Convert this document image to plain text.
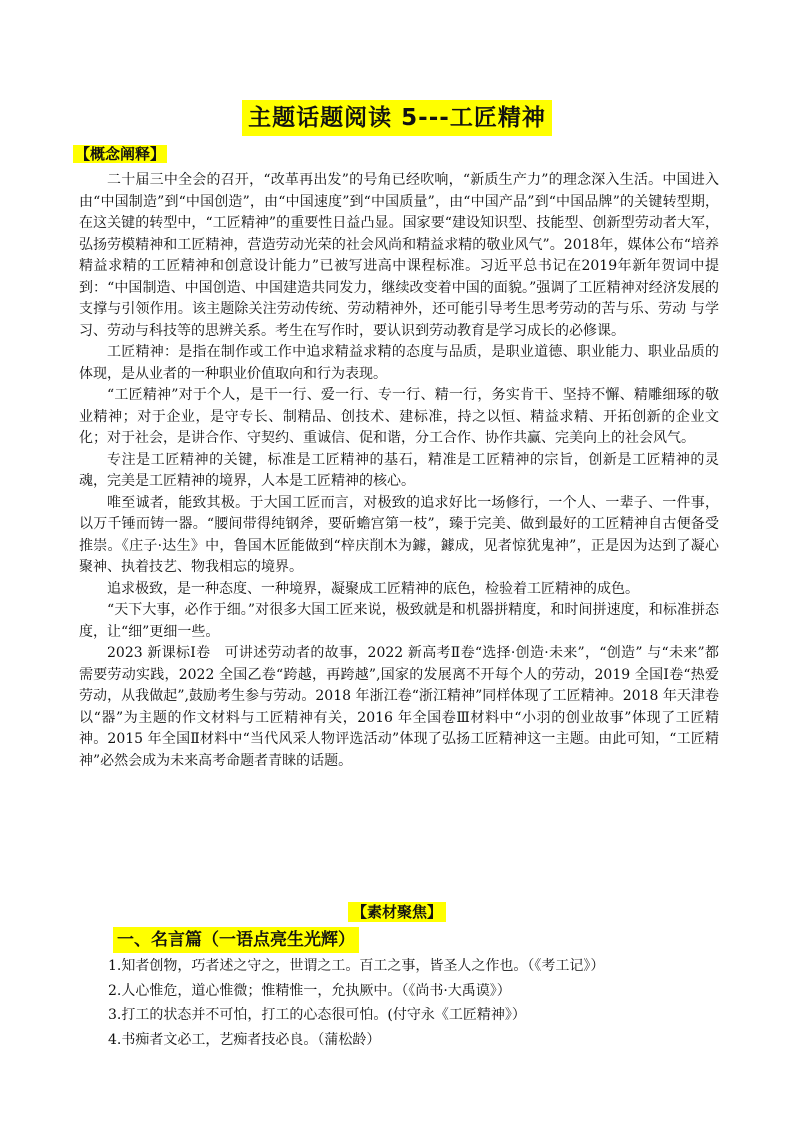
主题话题阅读 5---工匠精神
【概念阐释】

二十届三中全会的召开，“改革再出发”的号角已经吹响，“新质生产力”的理念深入生活。中国进入由“中国制造”到“中国创造”，由“中国速度”到“中国质量”，由“中国产品”到“中国品牌”的关键转型期，在这关键的转型中，“工匠精神”的重要性日益凸显。国家要“建设知识型、技能型、创新型劳动者大军，弘扬劳模精神和工匠精神，营造劳动光荣的社会风尚和精益求精的敬业风气”。2018年，媒体公布“培养精益求精的工匠精神和创意设计能力”已被写进高中课程标准。习近平总书记在2019年新年贺词中提到：“中国制造、中国创造、中国建造共同发力，继续改变着中国的面貌。”强调了工匠精神对经济发展的支撑与引领作用。该主题除关注劳动传统、劳动精神外，还可能引导考生思考劳动的苦与乐、劳动 与学习、劳动与科技等的思辨关系。考生在写作时，要认识到劳动教育是学习成长的必修课。

工匠精神：是指在制作或工作中追求精益求精的态度与品质，是职业道德、职业能力、职业品质的体现，是从业者的一种职业价值取向和行为表现。

“工匠精神”对于个人，是干一行、爱一行、专一行、精一行，务实肯干、坚持不懈、精雕细琢的敬业精神；对于企业，是守专长、制精品、创技术、建标准，持之以恒、精益求精、开拓创新的企业文化；对于社会，是讲合作、守契约、重诚信、促和谐，分工合作、协作共赢、完美向上的社会风气。

专注是工匠精神的关键，标准是工匠精神的基石，精准是工匠精神的宗旨，创新是工匠精神的灵魂，完美是工匠精神的境界，人本是工匠精神的核心。

唯至诚者，能致其极。于大国工匠而言，对极致的追求好比一场修行，一个人、一辈子、一件事，以万千锤而铸一器。“腰间带得纯钢斧，要斫蟾宫第一枝”，臻于完美、做到最好的工匠精神自古便备受推崇。《庄子·达生》中，鲁国木匠能做到“梓庆削木为鐻，鐻成，见者惊犹鬼神”，正是因为达到了凝心聚神、执着技艺、物我相忘的境界。

追求极致，是一种态度、一种境界，凝聚成工匠精神的底色，检验着工匠精神的成色。

“天下大事，必作于细。”对很多大国工匠来说，极致就是和机器拼精度，和时间拼速度，和标准拼态度，让“细”更细一些。

2023 新课标Ⅰ卷　可讲述劳动者的故事，2022 新高考Ⅱ卷“选择·创造·未来”，“创造” 与“未来”都需要劳动实践，2022 全国乙卷“跨越，再跨越”,国家的发展离不开每个人的劳动，2019 全国Ⅰ卷“热爱劳动，从我做起”,鼓励考生参与劳动。2018 年浙江卷“浙江精神”同样体现了工匠精神。2018 年天津卷以“器”为主题的作文材料与工匠精神有关，2016 年全国卷Ⅲ材料中“小羽的创业故事”体现了工匠精神。2015 年全国Ⅱ材料中“当代风采人物评选活动”体现了弘扬工匠精神这一主题。由此可知，“工匠精神”必然会成为未来高考命题者青睐的话题。

【素材聚焦】
一、名言篇（一语点亮生光辉）
1.知者创物，巧者述之守之，世谓之工。百工之事，皆圣人之作也。（《考工记》）
2.人心惟危，道心惟微；惟精惟一，允执厥中。（《尚书·大禹谟》）
3.打工的状态并不可怕，打工的心态很可怕。(付守永《工匠精神》）
4.书痴者文必工，艺痴者技必良。（蒲松龄）
